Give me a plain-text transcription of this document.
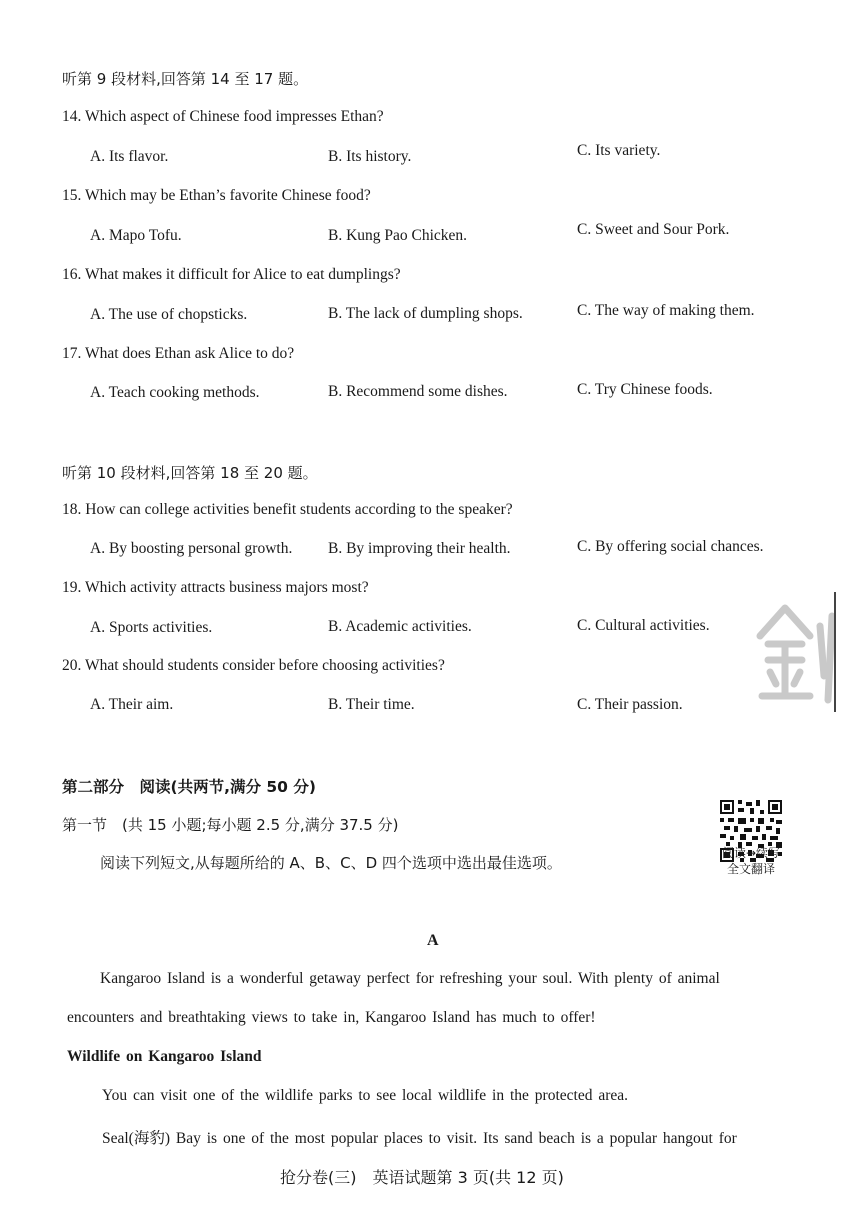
听第 9 段材料,回答第 14 至 17 题。
14. Which aspect of Chinese food impresses Ethan?
A. Its flavor.	B. Its history.	C. Its variety.
15. Which may be Ethan’s favorite Chinese food?
A. Mapo Tofu.	B. Kung Pao Chicken.	C. Sweet and Sour Pork.
16. What makes it difficult for Alice to eat dumplings?
A. The use of chopsticks.	B. The lack of dumpling shops.	C. The way of making them.
17. What does Ethan ask Alice to do?
A. Teach cooking methods.	B. Recommend some dishes.	C. Try Chinese foods.
听第 10 段材料,回答第 18 至 20 题。
18. How can college activities benefit students according to the speaker?
A. By boosting personal growth. B. By improving their health.	C. By offering social chances.
19. Which activity attracts business majors most?
A. Sports activities.	B. Academic activities.	C. Cultural activities.
20. What should students consider before choosing activities?
A. Their aim.	B. Their time.	C. Their passion.
第二部分　阅读(共两节,满分 50 分)
第一节　(共 15 小题;每小题 2.5 分,满分 37.5 分)
阅读下列短文,从每题所给的 A、B、C、D 四个选项中选出最佳选项。
阅读→续写
全文翻译
A
Kangaroo Island is a wonderful getaway perfect for refreshing your soul. With plenty of animal
encounters and breathtaking views to take in, Kangaroo Island has much to offer!
Wildlife on Kangaroo Island
You can visit one of the wildlife parks to see local wildlife in the protected area.
Seal(海豹) Bay is one of the most popular places to visit. Its sand beach is a popular hangout for
抢分卷(三)　英语试题第 3 页(共 12 页)
